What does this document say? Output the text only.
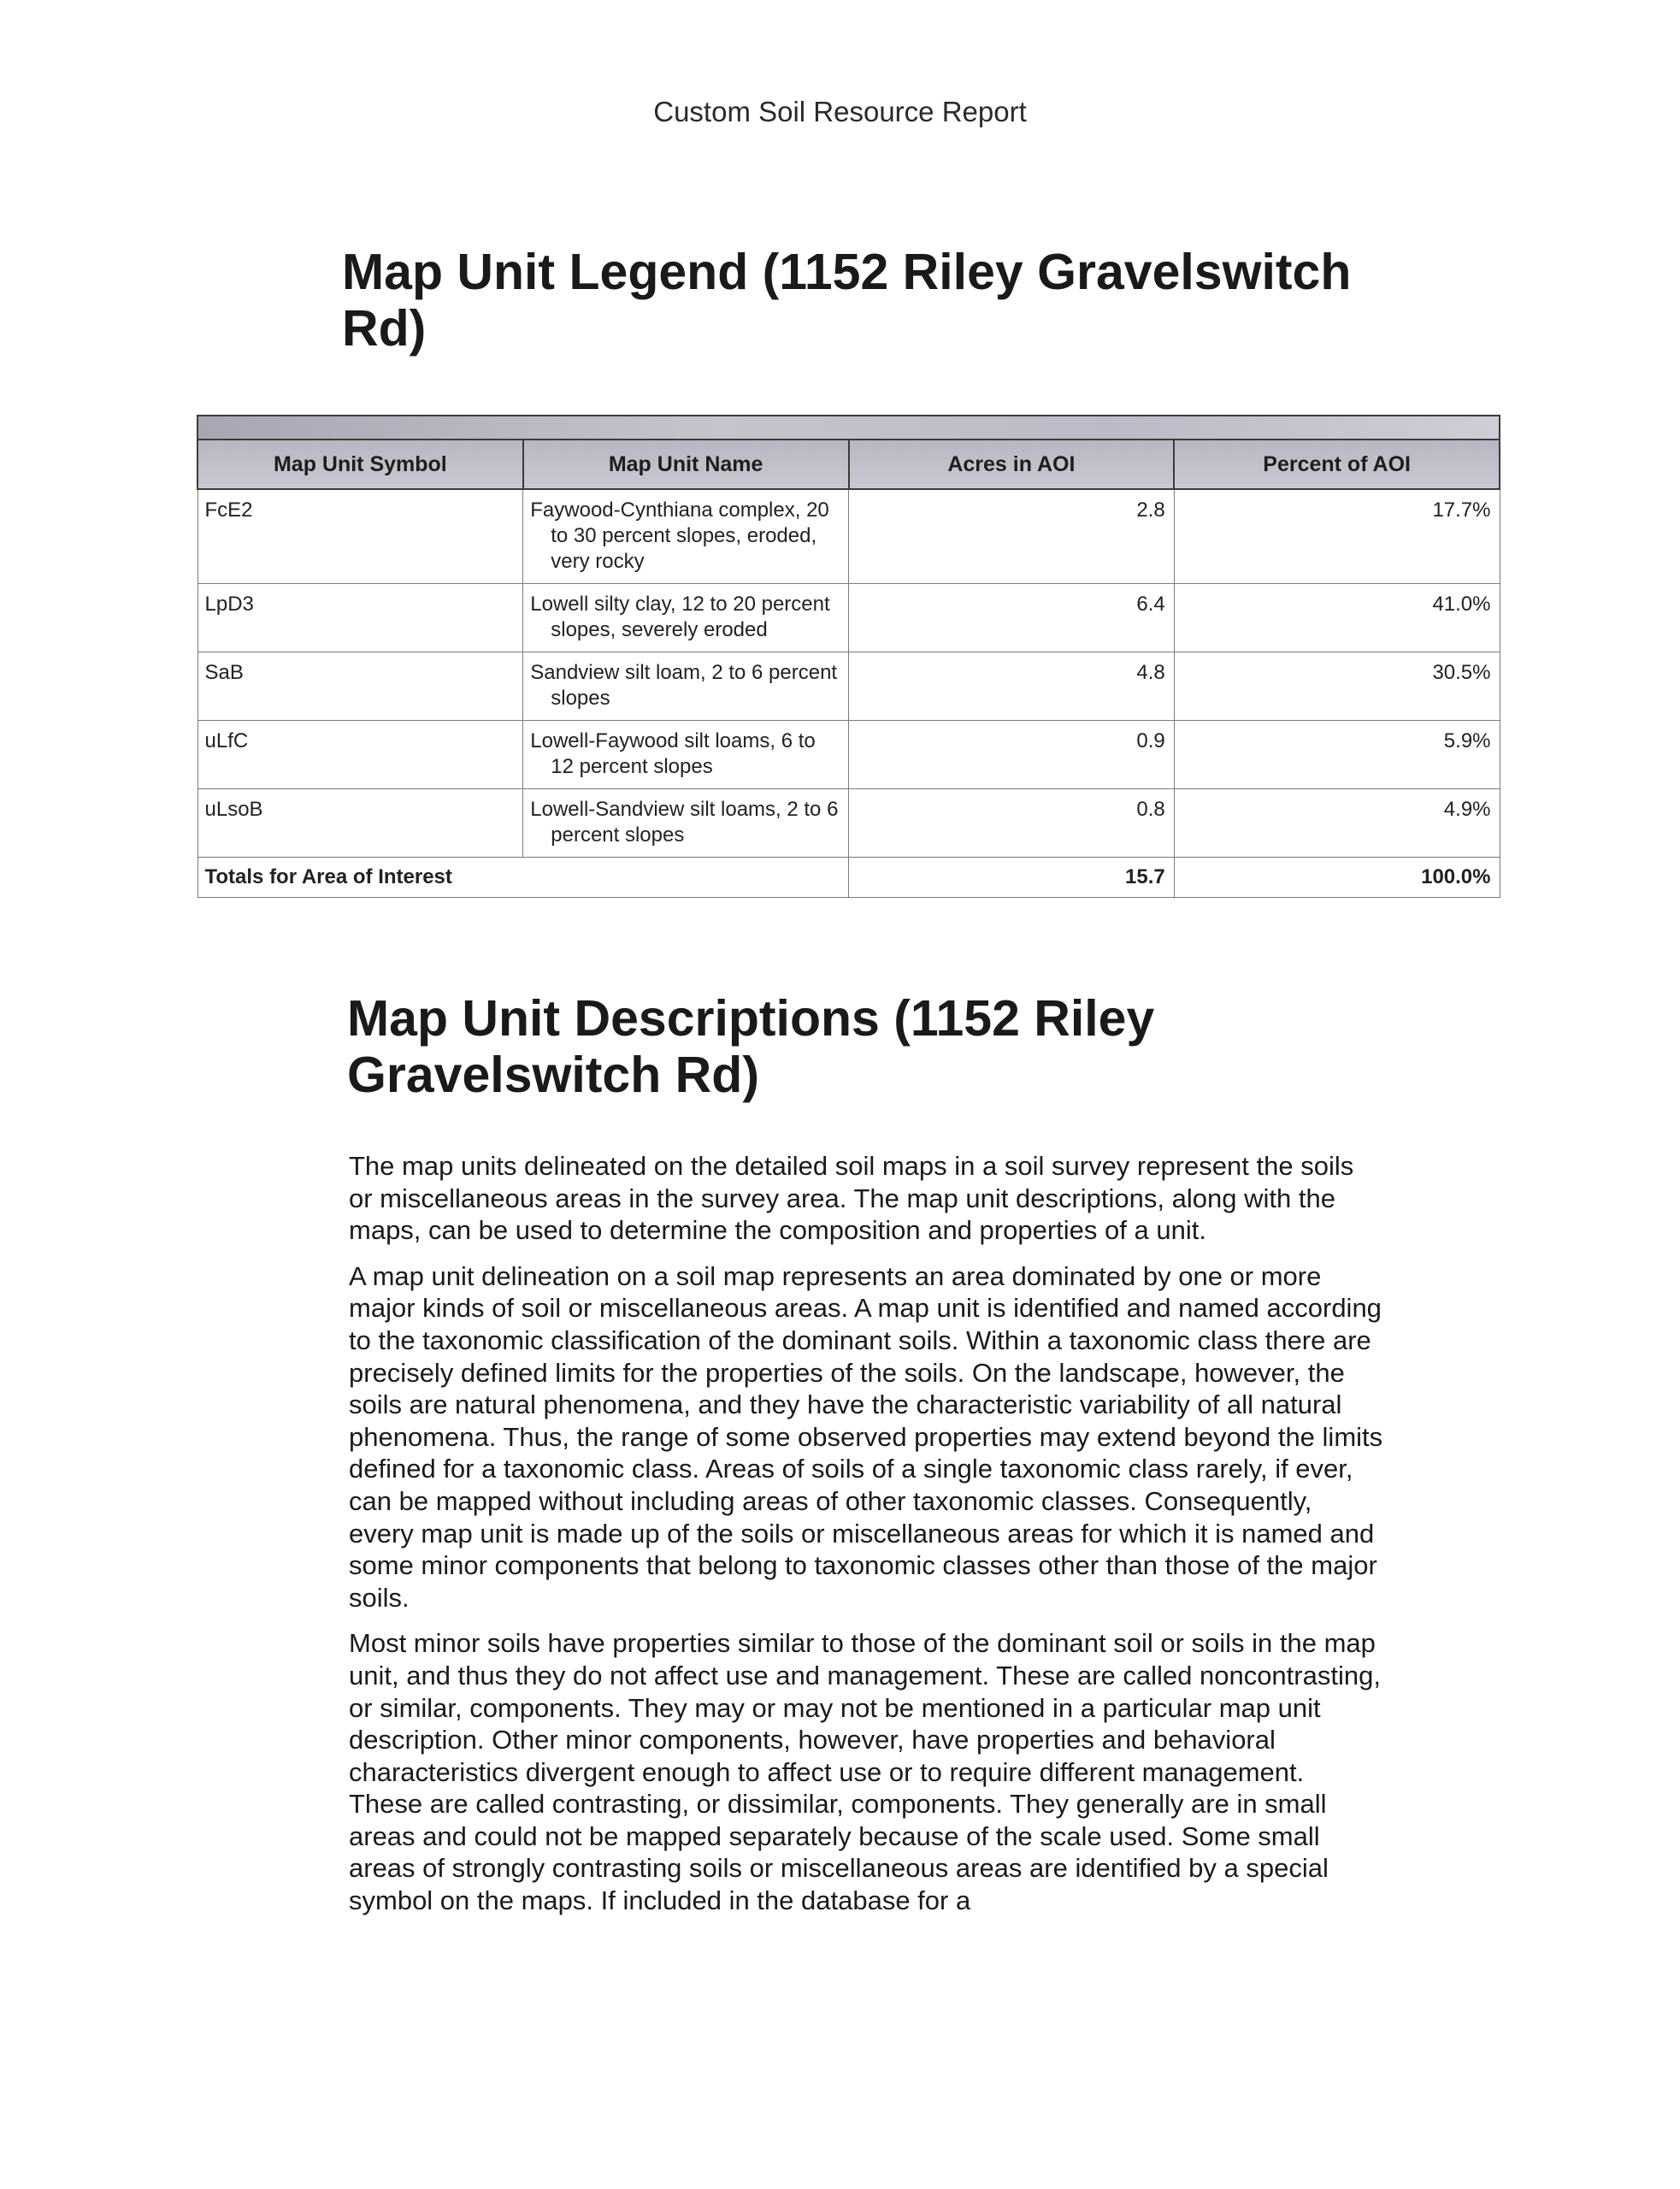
Custom Soil Resource Report
Map Unit Legend (1152 Riley Gravelswitch Rd)
Map Unit Symbol	Map Unit Name	Acres in AOI	Percent of AOI
FcE2	Faywood-Cynthiana complex, 20 to 30 percent slopes, eroded, very rocky	2.8	17.7%
LpD3	Lowell silty clay, 12 to 20 percent slopes, severely eroded	6.4	41.0%
SaB	Sandview silt loam, 2 to 6 percent slopes	4.8	30.5%
uLfC	Lowell-Faywood silt loams, 6 to 12 percent slopes	0.9	5.9%
uLsoB	Lowell-Sandview silt loams, 2 to 6 percent slopes	0.8	4.9%
Totals for Area of Interest		15.7	100.0%
Map Unit Descriptions (1152 Riley Gravelswitch Rd)

The map units delineated on the detailed soil maps in a soil survey represent the soils or miscellaneous areas in the survey area. The map unit descriptions, along with the maps, can be used to determine the composition and properties of a unit.

A map unit delineation on a soil map represents an area dominated by one or more major kinds of soil or miscellaneous areas. A map unit is identified and named according to the taxonomic classification of the dominant soils. Within a taxonomic class there are precisely defined limits for the properties of the soils. On the landscape, however, the soils are natural phenomena, and they have the characteristic variability of all natural phenomena. Thus, the range of some observed properties may extend beyond the limits defined for a taxonomic class. Areas of soils of a single taxonomic class rarely, if ever, can be mapped without including areas of other taxonomic classes. Consequently, every map unit is made up of the soils or miscellaneous areas for which it is named and some minor components that belong to taxonomic classes other than those of the major soils.

Most minor soils have properties similar to those of the dominant soil or soils in the map unit, and thus they do not affect use and management. These are called noncontrasting, or similar, components. They may or may not be mentioned in a particular map unit description. Other minor components, however, have properties and behavioral characteristics divergent enough to affect use or to require different management. These are called contrasting, or dissimilar, components. They generally are in small areas and could not be mapped separately because of the scale used. Some small areas of strongly contrasting soils or miscellaneous areas are identified by a special symbol on the maps. If included in the database for a
